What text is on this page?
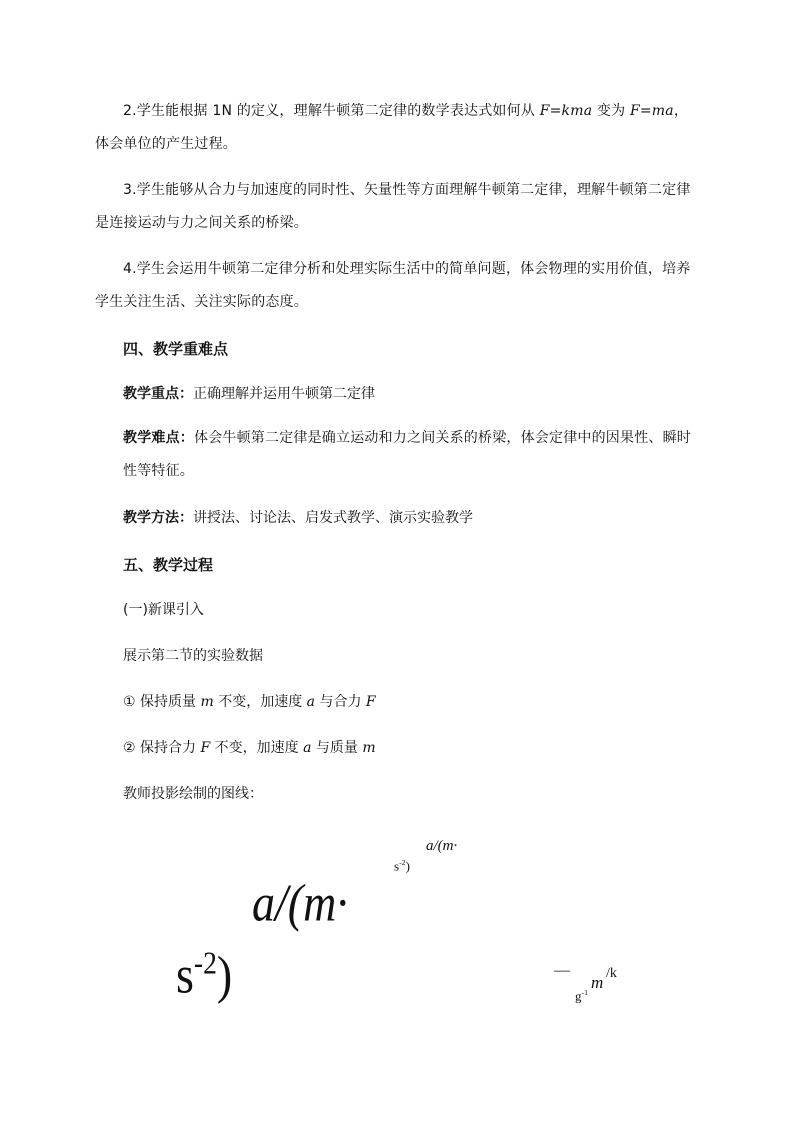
2.学生能根据 1N 的定义，理解牛顿第二定律的数学表达式如何从 F=kma 变为 F=ma，体会单位的产生过程。

3.学生能够从合力与加速度的同时性、矢量性等方面理解牛顿第二定律，理解牛顿第二定律是连接运动与力之间关系的桥梁。

4.学生会运用牛顿第二定律分析和处理实际生活中的简单问题，体会物理的实用价值，培养学生关注生活、关注实际的态度。

四、教学重难点

教学重点：正确理解并运用牛顿第二定律

教学难点：体会牛顿第二定律是确立运动和力之间关系的桥梁，体会定律中的因果性、瞬时性等特征。

教学方法：讲授法、讨论法、启发式教学、演示实验教学

五、教学过程

(一)新课引入

展示第二节的实验数据

① 保持质量 m 不变，加速度 a 与合力 F

② 保持合力 F 不变，加速度 a 与质量 m

教师投影绘制的图线：

a/(m·
$s^{-2}$)
a/(m·
$s^{-2}$)	—
$g^{-1}$
m /k
